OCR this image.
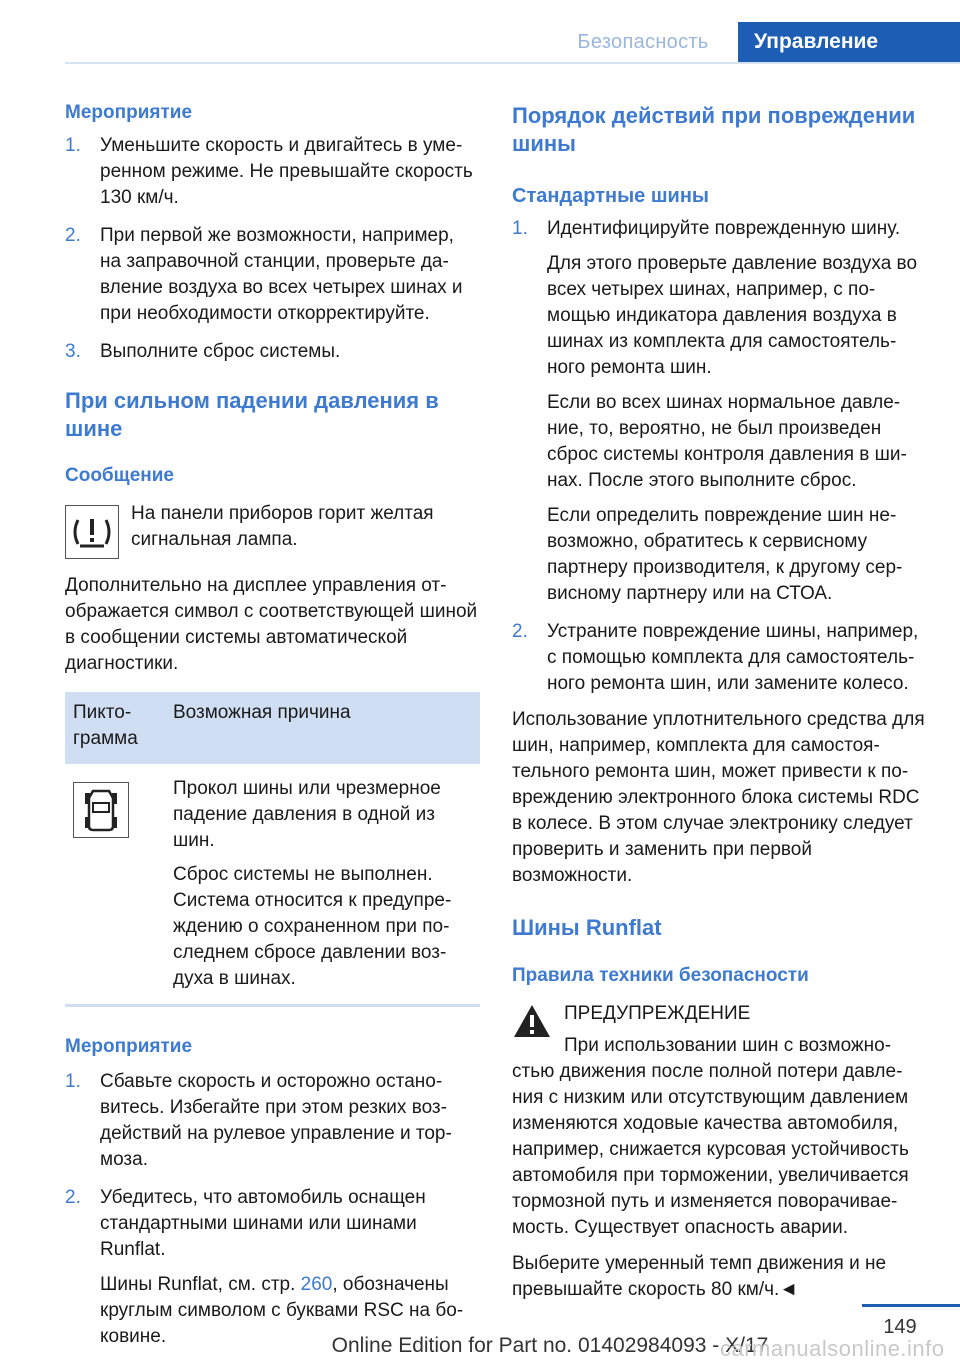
Безопасность	Управление
Мероприятие
1. Уменьшите скорость и двигайтесь в умеренном режиме. Не превышайте скорость 130 км/ч.
2. При первой же возможности, например, на заправочной станции, проверьте давление воздуха во всех четырех шинах и при необходимости откорректируйте.
3. Выполните сброс системы.
При сильном падении давления в шине
Сообщение
На панели приборов горит желтая сигнальная лампа.
Дополнительно на дисплее управления отображается символ с соответствующей шиной в сообщении системы автоматической диагностики.
Пиктограмма	Возможная причина

Прокол шины или чрезмерное падение давления в одной из шин.
Сброс системы не выполнен. Система относится к предупреждению о сохраненном при последнем сбросе давлении воздуха в шинах.
Мероприятие
1. Сбавьте скорость и осторожно остановитесь. Избегайте при этом резких воздействий на рулевое управление и тормоза.
2. Убедитесь, что автомобиль оснащен стандартными шинами или шинами Runflat.
Шины Runflat, см. стр. 260, обозначены круглым символом с буквами RSC на боковине.
Порядок действий при повреждении шины
Стандартные шины
1. Идентифицируйте поврежденную шину.
Для этого проверьте давление воздуха во всех четырех шинах, например, с помощью индикатора давления воздуха в шинах из комплекта для самостоятельного ремонта шин.
Если во всех шинах нормальное давление, то, вероятно, не был произведен сброс системы контроля давления в шинах. После этого выполните сброс.
Если определить повреждение шин невозможно, обратитесь к сервисному партнеру производителя, к другому сервисному партнеру или на СТОА.
2. Устраните повреждение шины, например, с помощью комплекта для самостоятельного ремонта шин, или замените колесо.
Использование уплотнительного средства для шин, например, комплекта для самостоятельного ремонта шин, может привести к повреждению электронного блока системы RDC в колесе. В этом случае электронику следует проверить и заменить при первой возможности.
Шины Runflat
Правила техники безопасности
ПРЕДУПРЕЖДЕНИЕ
При использовании шин с возможностью движения после полной потери давления с низким или отсутствующим давлением изменяются ходовые качества автомобиля, например, снижается курсовая устойчивость автомобиля при торможении, увеличивается тормозной путь и изменяется поворачиваемость. Существует опасность аварии.
Выберите умеренный темп движения и не превышайте скорость 80 км/ч.◄
149
Online Edition for Part no. 01402984093 - X/17
carmanualsonline.info
